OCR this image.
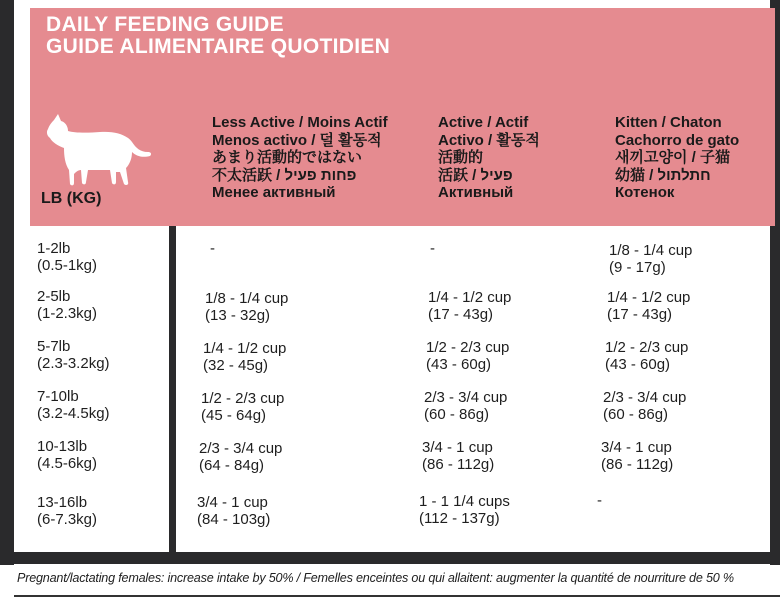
DAILY FEEDING GUIDE
GUIDE ALIMENTAIRE QUOTIDIEN
LB (KG)
Less Active / Moins Actif
Menos activo / 덜 활동적
あまり活動的ではない
不太活跃 / פחות פעיל
Менее активный
Active / Actif
Activo / 활동적
活動的
活跃 / פעיל
Активный
Kitten / Chaton
Cachorro de gato
새끼고양이 / 子猫
幼猫 / חתלתול
Котенок
1-2lb
(0.5-1kg)
-	-	1/8 - 1/4 cup
(9 - 17g)
2-5lb
(1-2.3kg)
1/8 - 1/4 cup
(13 - 32g)
1/4 - 1/2 cup
(17 - 43g)
1/4 - 1/2 cup
(17 - 43g)
5-7lb
(2.3-3.2kg)
1/4 - 1/2 cup
(32 - 45g)
1/2 - 2/3 cup
(43 - 60g)
1/2 - 2/3 cup
(43 - 60g)
7-10lb
(3.2-4.5kg)
1/2 - 2/3 cup
(45 - 64g)
2/3 - 3/4 cup
(60 - 86g)
2/3 - 3/4 cup
(60 - 86g)
10-13lb
(4.5-6kg)
2/3 - 3/4 cup
(64 - 84g)
3/4 - 1 cup
(86 - 112g)
3/4 - 1 cup
(86 - 112g)
13-16lb
(6-7.3kg)
3/4 - 1 cup
(84 - 103g)
1 - 1 1/4 cups
(112 - 137g)
-
Pregnant/lactating females: increase intake by 50% / Femelles enceintes ou qui allaitent: augmenter la quantité de nourriture de 50 %
